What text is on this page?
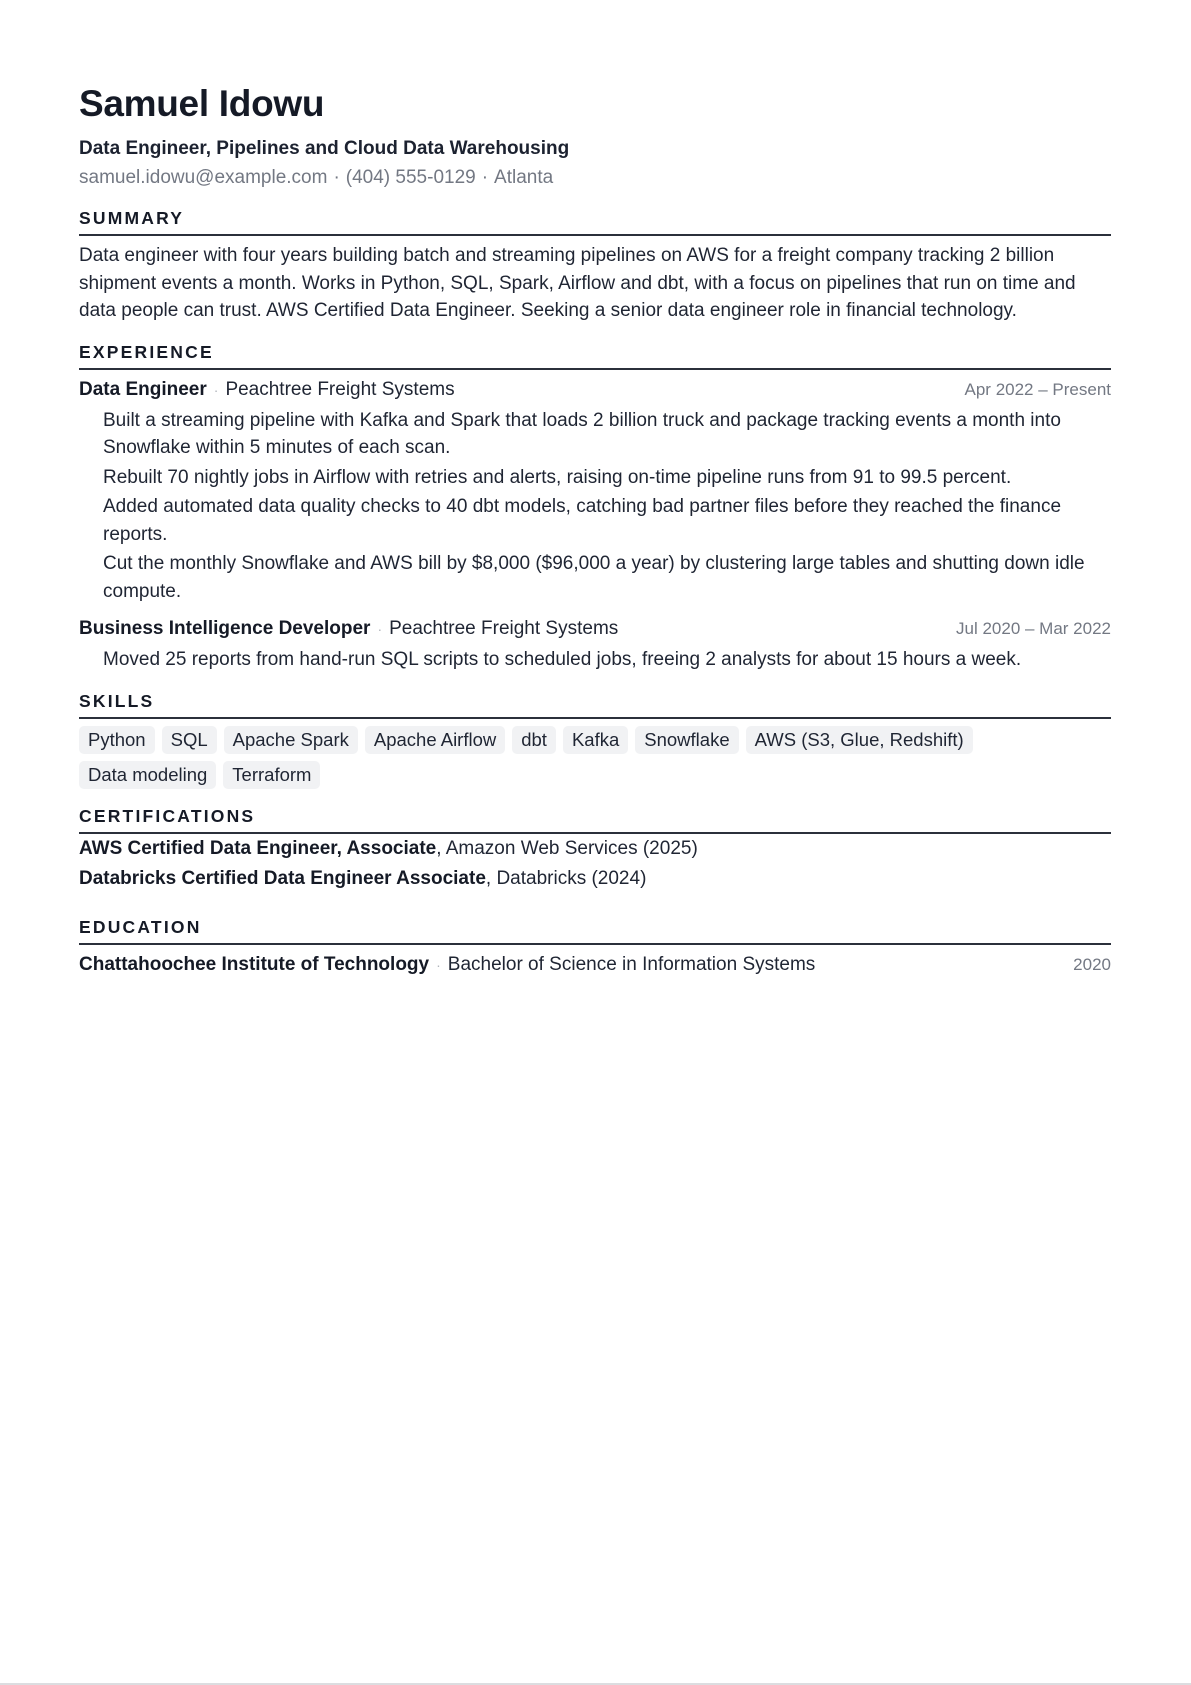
Samuel Idowu
Data Engineer, Pipelines and Cloud Data Warehousing
samuel.idowu@example.com · (404) 555-0129 · Atlanta
SUMMARY
Data engineer with four years building batch and streaming pipelines on AWS for a freight company tracking 2 billion shipment events a month. Works in Python, SQL, Spark, Airflow and dbt, with a focus on pipelines that run on time and data people can trust. AWS Certified Data Engineer. Seeking a senior data engineer role in financial technology.
EXPERIENCE
Data Engineer · Peachtree Freight Systems	Apr 2022 – Present
Built a streaming pipeline with Kafka and Spark that loads 2 billion truck and package tracking events a month into Snowflake within 5 minutes of each scan.
Rebuilt 70 nightly jobs in Airflow with retries and alerts, raising on-time pipeline runs from 91 to 99.5 percent.
Added automated data quality checks to 40 dbt models, catching bad partner files before they reached the finance reports.
Cut the monthly Snowflake and AWS bill by $8,000 ($96,000 a year) by clustering large tables and shutting down idle compute.
Business Intelligence Developer · Peachtree Freight Systems	Jul 2020 – Mar 2022
Moved 25 reports from hand-run SQL scripts to scheduled jobs, freeing 2 analysts for about 15 hours a week.
SKILLS
Python	SQL	Apache Spark	Apache Airflow	dbt	Kafka	Snowflake	AWS (S3, Glue, Redshift)
Data modeling	Terraform
CERTIFICATIONS
AWS Certified Data Engineer, Associate, Amazon Web Services (2025)
Databricks Certified Data Engineer Associate, Databricks (2024)
EDUCATION
Chattahoochee Institute of Technology · Bachelor of Science in Information Systems	2020
